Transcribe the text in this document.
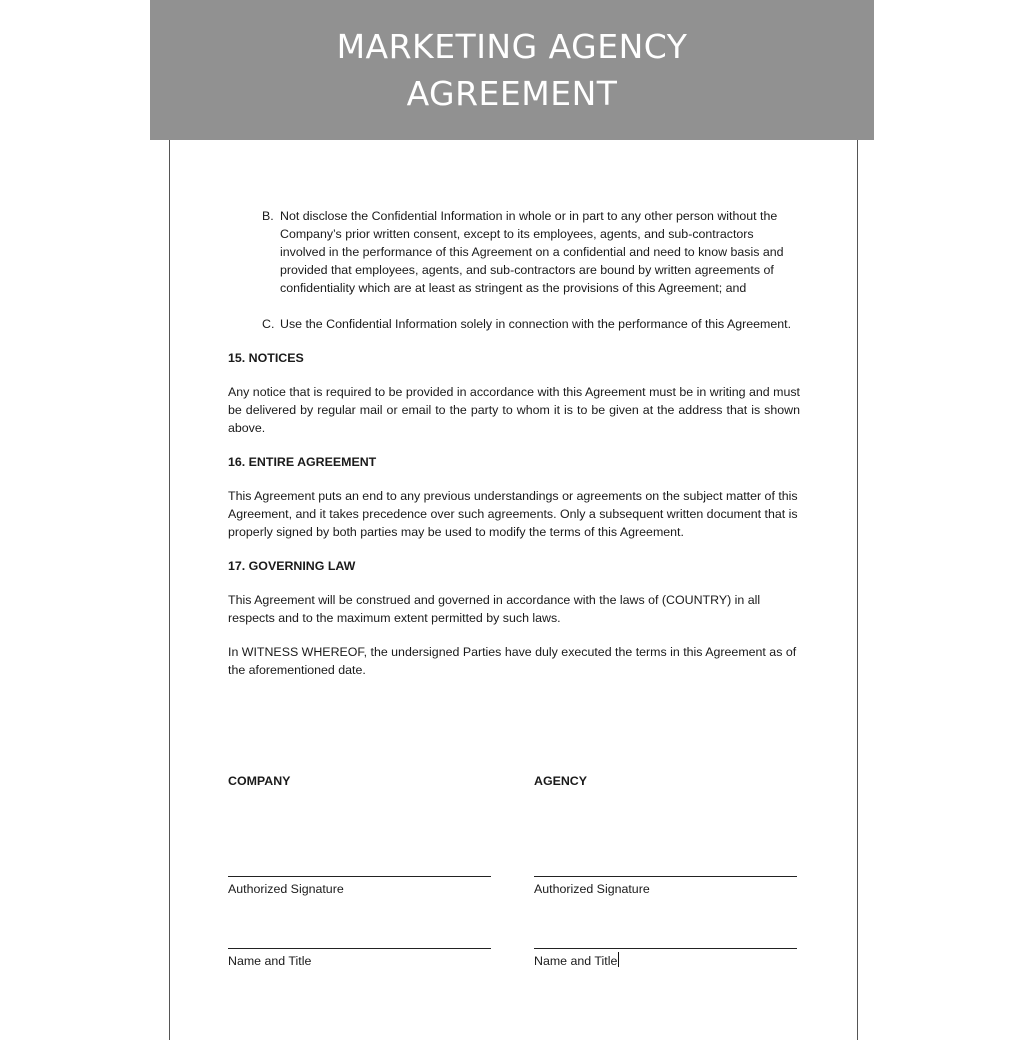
MARKETING AGENCY
AGREEMENT
B. Not disclose the Confidential Information in whole or in part to any other person without the Company’s prior written consent, except to its employees, agents, and sub-contractors involved in the performance of this Agreement on a confidential and need to know basis and provided that employees, agents, and sub-contractors are bound by written agreements of confidentiality which are at least as stringent as the provisions of this Agreement; and
C. Use the Confidential Information solely in connection with the performance of this Agreement.
15. NOTICES
Any notice that is required to be provided in accordance with this Agreement must be in writing and must be delivered by regular mail or email to the party to whom it is to be given at the address that is shown above.
16. ENTIRE AGREEMENT
This Agreement puts an end to any previous understandings or agreements on the subject matter of this Agreement, and it takes precedence over such agreements. Only a subsequent written document that is properly signed by both parties may be used to modify the terms of this Agreement.
17. GOVERNING LAW
This Agreement will be construed and governed in accordance with the laws of (COUNTRY) in all respects and to the maximum extent permitted by such laws.
In WITNESS WHEREOF, the undersigned Parties have duly executed the terms in this Agreement as of the aforementioned date.
COMPANY
Authorized Signature
Name and Title
AGENCY
Authorized Signature
Name and Title
